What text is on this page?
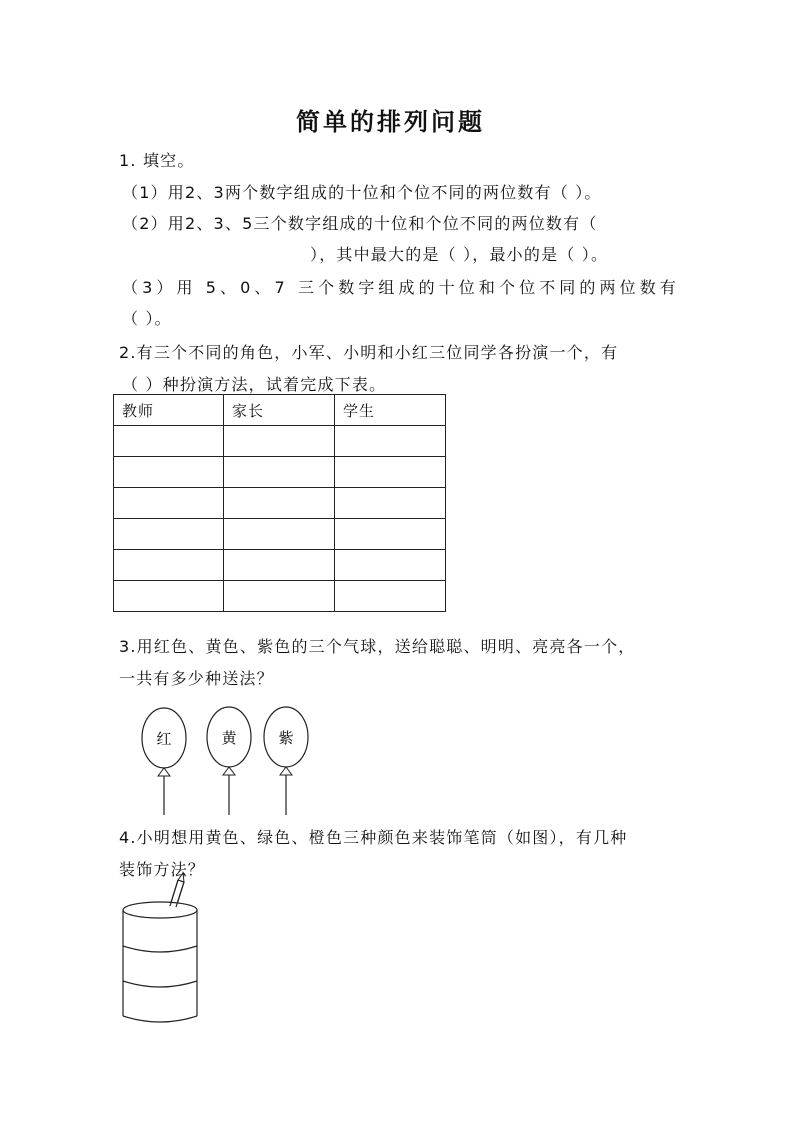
简单的排列问题
1. 填空。
（1）用2、3两个数字组成的十位和个位不同的两位数有（ ）。
（2）用2、3、5三个数字组成的十位和个位不同的两位数有（
），其中最大的是（ ），最小的是（ ）。
（3）用 5、0、7 三个数字组成的十位和个位不同的两位数有
（ ）。
2.有三个不同的角色，小军、小明和小红三位同学各扮演一个，有
（ ）种扮演方法，试着完成下表。
教师	家长	学生

3.用红色、黄色、紫色的三个气球，送给聪聪、明明、亮亮各一个，
一共有多少种送法？
红	黄	紫
4.小明想用黄色、绿色、橙色三种颜色来装饰笔筒（如图），有几种
装饰方法？
